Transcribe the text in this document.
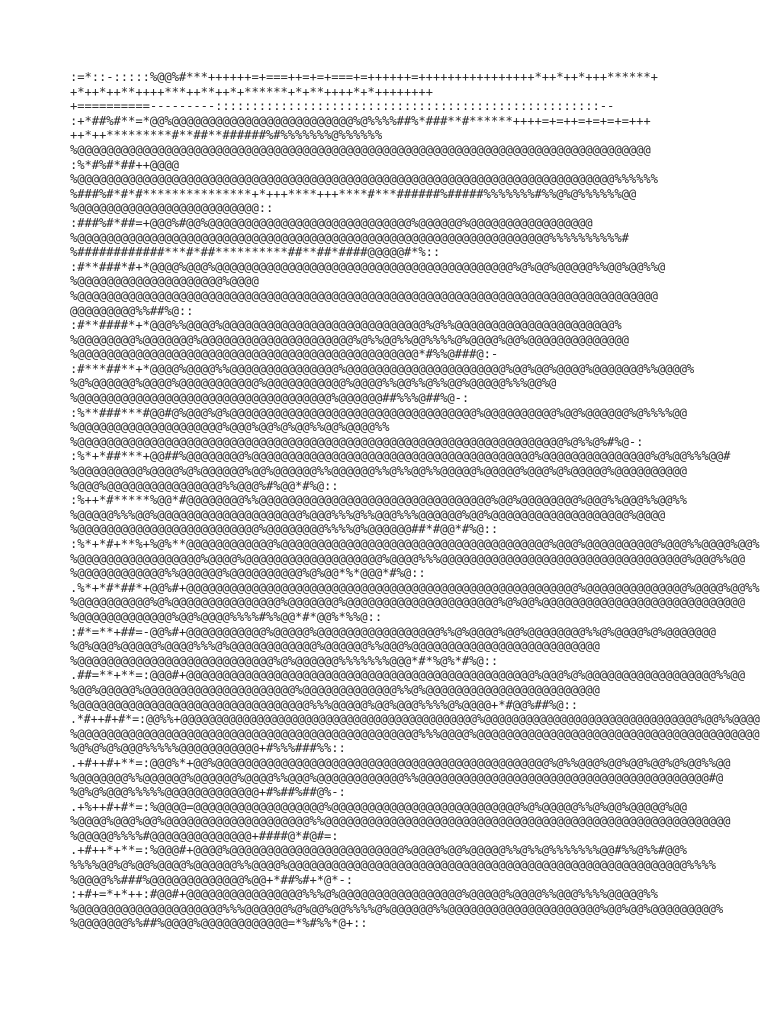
:=*::-:::::%@@%#***++++++=+===++=+=+===+=++++++=++++++++++++++++*++*++*+++******+
+*++*++**++++***++**++*+******+*+**++++*+*++++++++
+==========---------:::::::::::::::::::::::::::::::::::::::::::::::::::::--
:+*##%#**=*@@%@@@@@@@@@@@@@@@@@@@@@@@@@%@%%%%##%*###**#******++++=+=++=+=+=+=+++
++*++*********#**##**######%#%%%%%%%@%%%%%%
%@@@@@@@@@@@@@@@@@@@@@@@@@@@@@@@@@@@@@@@@@@@@@@@@@@@@@@@@@@@@@@@@@@@@@@@@@@@@@@@
:%*#%#*##++@@@@
%@@@@@@@@@@@@@@@@@@@@@@@@@@@@@@@@@@@@@@@@@@@@@@@@@@@@@@@@@@@@@@@@@@@@@@@@@@%%%%%%
%###%#*#*#***************+*+++****+++****#***######%#####%%%%%%%#%%@%@%%%%%%@@
%@@@@@@@@@@@@@@@@@@@@@@@@@::
:###%#*##=+@@@%#@@%@@@@@@@@@@@@@@@@@@@@@@@@@@@@%@@@@@@%@@@@@@@@@@@@@@@@@
%@@@@@@@@@@@@@@@@@@@@@@@@@@@@@@@@@@@@@@@@@@@@@@@@@@@@@@@@@@@@@@@@@%%%%%%%%%%#
%############***#*##**********##**##*####@@@@@#*%::
:#**###*#+*@@@@%@@@%@@@@@@@@@@@@@@@@@@@@@@@@@@@@@@@@@@@@@@@@@%@%@@%@@@@@%%@@%@@%%@
%@@@@@@@@@@@@@@@@@@@@%@@@@
%@@@@@@@@@@@@@@@@@@@@@@@@@@@@@@@@@@@@@@@@@@@@@@@@@@@@@@@@@@@@@@@@@@@@@@@@@@@@@@@@
@@@@@@@@@%%##%@::
:#**####*+*@@@%%@@@@%@@@@@@@@@@@@@@@@@@@@@@@@@@@@%@%%@@@@@@@@@@@@@@@@@@@@@@%
%@@@@@@@@%@@@@@@@%@@@@@@@@@@@@@@@@@@@@@%@%%@@%%@@%%%%@%@@@@%@@%@@@@@@@@@@@@@@
%@@@@@@@@@@@@@@@@@@@@@@@@@@@@@@@@@@@@@@@@@@@@@@@*#%%@###@:-
:#***##**+*@@@@%@@@@%%@@@@@@@@@@@@@@@%@@@@@@@@@@@@@@@@@@@@@@%@@%@@%@@@@%@@@@@@@%%@@@@%
%@%@@@@@@%@@@@%@@@@@@@@@@@%@@@@@@@@@@@%@@@@%%@@%%@%%@@%@@@@@%%%@@%@
%@@@@@@@@@@@@@@@@@@@@@@@@@@@@@@@@@@@%@@@@@@##%%%@##%@-:
:%**###***#@@#@%@@@%@%@@@@@@@@@@@@@@@@@@@@@@@@@@@@@@@@@@%@@@@@@@@@@%@@%@@@@@@%@%%%%@@
%@@@@@@@@@@@@@@@@@@@@%@@@%@@%@%@@%%@@%@@@@%%
%@@@@@@@@@@@@@@@@@@@@@@@@@@@@@@@@@@@@@@@@@@@@@@@@@@@@@@@@@@@@@@@@@@@%@%%@%#%@-:
:%*+*##***+@@##%@@@@@@@@%@@@@@@@@@@@@@@@@@@@@@@@@@@@@@@@@@@@@@@@%@@@@@@@@@@@@@@@%@%@@%%%@@#
%@@@@@@@@@%@@@@%@%@@@@@@%@@%@@@@@@%%@@@@@@%%@%%@@%%@@@@@%@@@@@%@@@%@%@@@@@%@@@@@@@@@@
%@@@%@@@@@@@@@@@@@@@@%%@@@%#%@@*#%@::
:%++*#*****%@@*#@@@@@@@@%%@@@@@@@@@@@@@@@@@@@@@@@@@@@@@@@@%@@%@@@@@@@@%@@@%%@@@%%@@%%
%@@@@@%%%@@%@@@@@@@@@@@@@@@@@@@@%@@@%%%@%%@@@%%%@@@@@@%@@%@@@@@@@@@@@@@@@@@@@%@@@@
%@@@@@@@@@@@@@@@@@@@@@@@@@%@@@@@@@@%%%%@%@@@@@@##*#@@*#%@::
:%*+*#+**%+%@%**@@@@@@@@@@@@%@@@@@@@@@@@@@@@@@@@@@@@@@@@@@@@@@@@@@%@@@%@@@@@@@@@@%@@@%%@@@@%@@%
%@@@@@@@@@@@@@@@@@%@@@@%@@@@@@@@@@@@@@@@@@@%@@@@%%%@@@@@@@@@@@@@@@@@@@@@@@@@@@@@@@@@@%@@@%%@@
%@@@@@@@@@@@@%%@@@@@@%@@@@@@@@@@%@%@@*%*@@@*#%@::
.%*+*#*##*+@@%#+@@@@@@@@@@@@@@@@@@@@@@@@@@@@@@@@@@@@@@@@@@@@@@@@@@@@@@%@@@@@@@@@@@@@@%@@@@%@@%%
%@@@@@@@@@@%@%@@@@@@@@@@@@@@@%@@@@@@@%@@@@@@@@@@@@@@@@@@@@@%@%@@%@@@@@@@@@@@@@@@@@@@@@@@@@@@@
%@@@@@@@@@@@@@%@@%@@@@%%%%#%%@@*#*@@%*%%@::
:#*=**+##=-@@%#+@@@@@@@@@@@%@@@@@%@@@@@@@@@@@@@@@@@%%@%@@@@%@@%@@@@@@@@%%@%@@@@%@%@@@@@@@
%@%@@@%@@@@@%@@@@%%%@%@@@@@@@@@@@@%@@@@@@%%@@@%@@@@@@@@@@@@@@@@@@@@@@@@@@
%@@@@@@@@@@@@@@@@@@@@@@@@@@@%@%@@@@@@%%%%%%%@@@*#*%@%*#%@::
.##=**+**=:@@@#+@@@@@@@@@@@@@@@@@@@@@@@@@@@@@@@@@@@@@@@@@@@@@@@@%@@@%@%@@@@@@@@@@@@@@@@@@%%@@
%@@%@@@@@%@@@@@@@@@@@@@@@@@@@@@%@@@@@@@@@@@@@%%@%@@@@@@@@@@@@@@@@@@@@@@@@
%@@@@@@@@@@@@@@@@@@@@@@@@@@@@@@@@%%%@@@@@%@@%@@@%%%%@%@@@@+*#@@%##%@::
.*#++#+#*=:@@%%+@@@@@@@@@@@@@@@@@@@@@@@@@@@@@@@@@@@@@@@@@@@%@@@@@@@@@@@@@@@@@@@@@@@@@@@@@@@%@@%%@@@@
%@@@@@@@@@@@@@@@@@@@@@@@@@@@@@@@@@@@@@@@@@@@@@@@%%%@@@@%@@@@@@@@@@@@@@@@@@@@@@@@@@@@@@@@@@@@@@@
%@%@%@%@@@%%%%%@@@@@@@@@@@+#%%%###%%::
.+#++#+**=:@@@%*+@@%@@@@@@@@@@@@@@@@@@@@@@@@@@@@@@@@@@@@@@@@@@@@@@%@%%@@@%@@%@@%@@%@%@@%%@@
%@@@@@@@%%@@@@@@%@@@@@@%@@@@%%@@@%@@@@@@@@@@@@%%@@@@@@@@@@@@@@@@@@@@@@@@@@@@@@@@@@@@@@@@#@
%@%@%@@@%%%%%@@@@@@@@@@@@@+#%##%##@%-:
.+%++#+#*=:%@@@@=@@@@@@@@@@@@@@@@@@%@@@@@@@@@@@@@@@@@@@@@@@@@@%@%@@@@@%%@%@@%@@@@@%@@
%@@@@%@@@%@@%@@@@@@@@@@@@@@@@@@@@%%@@@@@@@@@@@@@@@@@@@@@@@@@@@@@@@@@@@@@@@@@@@@@@@@@@@@@@@@
%@@@@@%%%%#@@@@@@@@@@@@@@+####@*#@#=:
.+#++*+**=:%@@@#+@@@@%@@@@@@@@@@@@@@@@@@@@@@@@%@@@@%@@%@@@@@%%@%%@%%%%%%%@@#%%@%%#@@%
%%%%@@%@%@@%@@@@%@@@@@@%%@@@@%@@@@@@@@@@@@@@@@@@@@@@@@@@@@@@@@@@@@@@@@@@@@@@@@@@@@@@@%%%%
%@@@@%%###%@@@@@@@@@@@@@%@@+*##%#+*@*-:
:+#+=*+*++:#@@#+@@@@@@@@@@@@@@@@%%%@%@@@@@@@@@@@@@@@@@%@@@@@%@@@@%%@@@%%%%@@@@@%%
%@@@@@@@@@@@@@@@@@@@@%%%@@@@@@%@%@@%@@%%%%@%@@@@@@%%@@@@@@@@@@@@@@@@@@@@@%@@%@@%@@@@@@@@@%
%@@@@@@@%%##%@@@@%@@@@@@@@@@@@=*%#%%*@+::
